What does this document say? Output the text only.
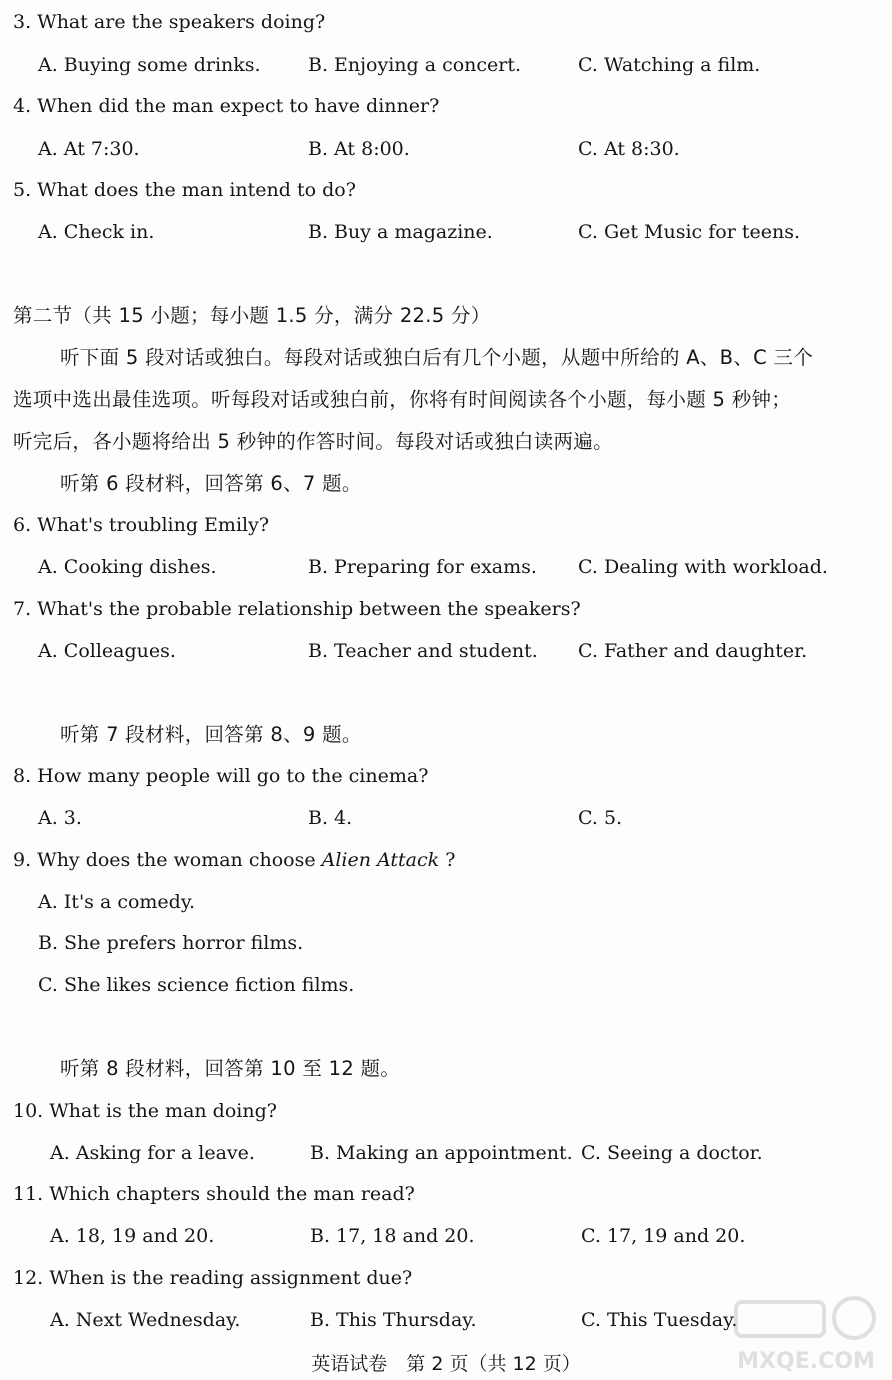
3. What are the speakers doing?
A. Buying some drinks. B. Enjoying a concert.	C. Watching a film.
4. When did the man expect to have dinner?
A. At 7:30.	B. At 8:00.	C. At 8:30.
5. What does the man intend to do?
A. Check in.	B. Buy a magazine.	C. Get Music for teens.
第二节（共 15 小题；每小题 1.5 分，满分 22.5 分）
听下面 5 段对话或独白。每段对话或独白后有几个小题，从题中所给的 A、B、C 三个
选项中选出最佳选项。听每段对话或独白前，你将有时间阅读各个小题，每小题 5 秒钟；
听完后，各小题将给出 5 秒钟的作答时间。每段对话或独白读两遍。
听第 6 段材料，回答第 6、7 题。
6. What's troubling Emily?
A. Cooking dishes.	B. Preparing for exams. C. Dealing with workload.
7. What's the probable relationship between the speakers?
A. Colleagues.	B. Teacher and student. C. Father and daughter.
听第 7 段材料，回答第 8、9 题。
8. How many people will go to the cinema?
A. 3.	B. 4.	C. 5.
9. Why does the woman choose Alien Attack ?
A. It's a comedy.
B. She prefers horror films.
C. She likes science fiction films.
听第 8 段材料，回答第 10 至 12 题。
10. What is the man doing?
A. Asking for a leave.	B. Making an appointment. C. Seeing a doctor.
11. Which chapters should the man read?
A. 18, 19 and 20.	B. 17, 18 and 20.	C. 17, 19 and 20.
12. When is the reading assignment due?
A. Next Wednesday.	B. This Thursday.	C. This Tuesday.
英语试卷　第 2 页（共 12 页）	MXQE.COM
